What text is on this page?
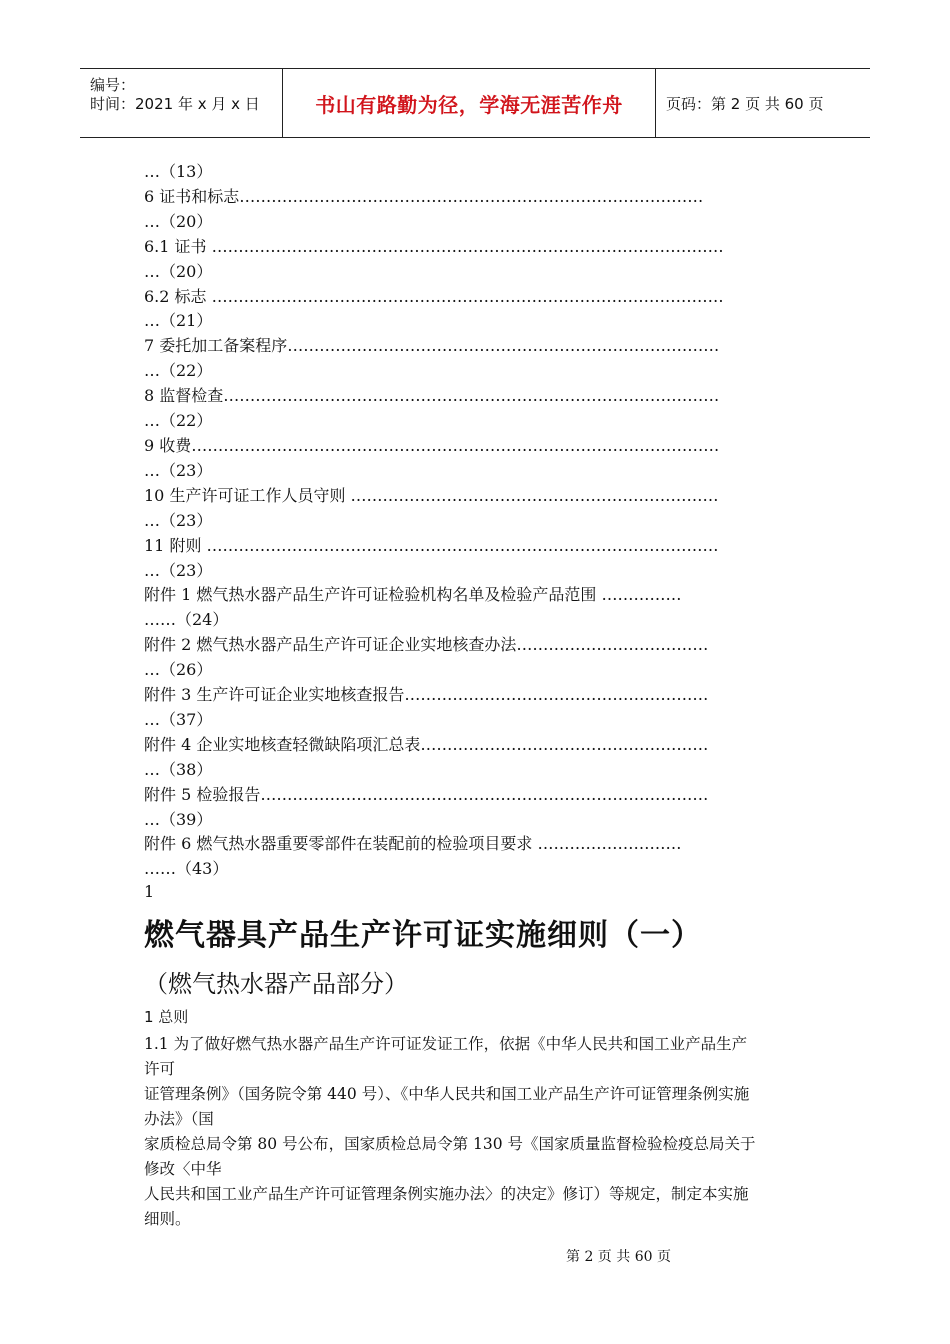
编号：
时间：2021 年 x 月 x 日	书山有路勤为径，学海无涯苦作舟	页码：第 2 页 共 60 页
…（13）
6 证书和标志……………………………………………………………………………
…（20）
6.1 证书 ……………………………………………………………………………………
…（20）
6.2 标志 ……………………………………………………………………………………
…（21）
7 委托加工备案程序………………………………………………………………………
…（22）
8 监督检查…………………………………………………………………………………
…（22）
9 收费………………………………………………………………………………………
…（23）
10 生产许可证工作人员守则 ……………………………………………………………
…（23）
11 附则 ……………………………………………………………………………………
…（23）
附件 1 燃气热水器产品生产许可证检验机构名单及检验产品范围 ……………
……（24）
附件 2 燃气热水器产品生产许可证企业实地核查办法………………………………
…（26）
附件 3 生产许可证企业实地核查报告…………………………………………………
…（37）
附件 4 企业实地核查轻微缺陷项汇总表………………………………………………
…（38）
附件 5 检验报告…………………………………………………………………………
…（39）
附件 6 燃气热水器重要零部件在装配前的检验项目要求 ………………………
……（43）
1
燃气器具产品生产许可证实施细则（一）
（燃气热水器产品部分）
1 总则
1.1 为了做好燃气热水器产品生产许可证发证工作，依据《中华人民共和国工业产品生产
许可
证管理条例》（国务院令第 440 号）、《中华人民共和国工业产品生产许可证管理条例实施
办法》（国
家质检总局令第 80 号公布，国家质检总局令第 130 号《国家质量监督检验检疫总局关于
修改〈中华
人民共和国工业产品生产许可证管理条例实施办法〉的决定》修订）等规定，制定本实施
细则。
第 2 页 共 60 页
